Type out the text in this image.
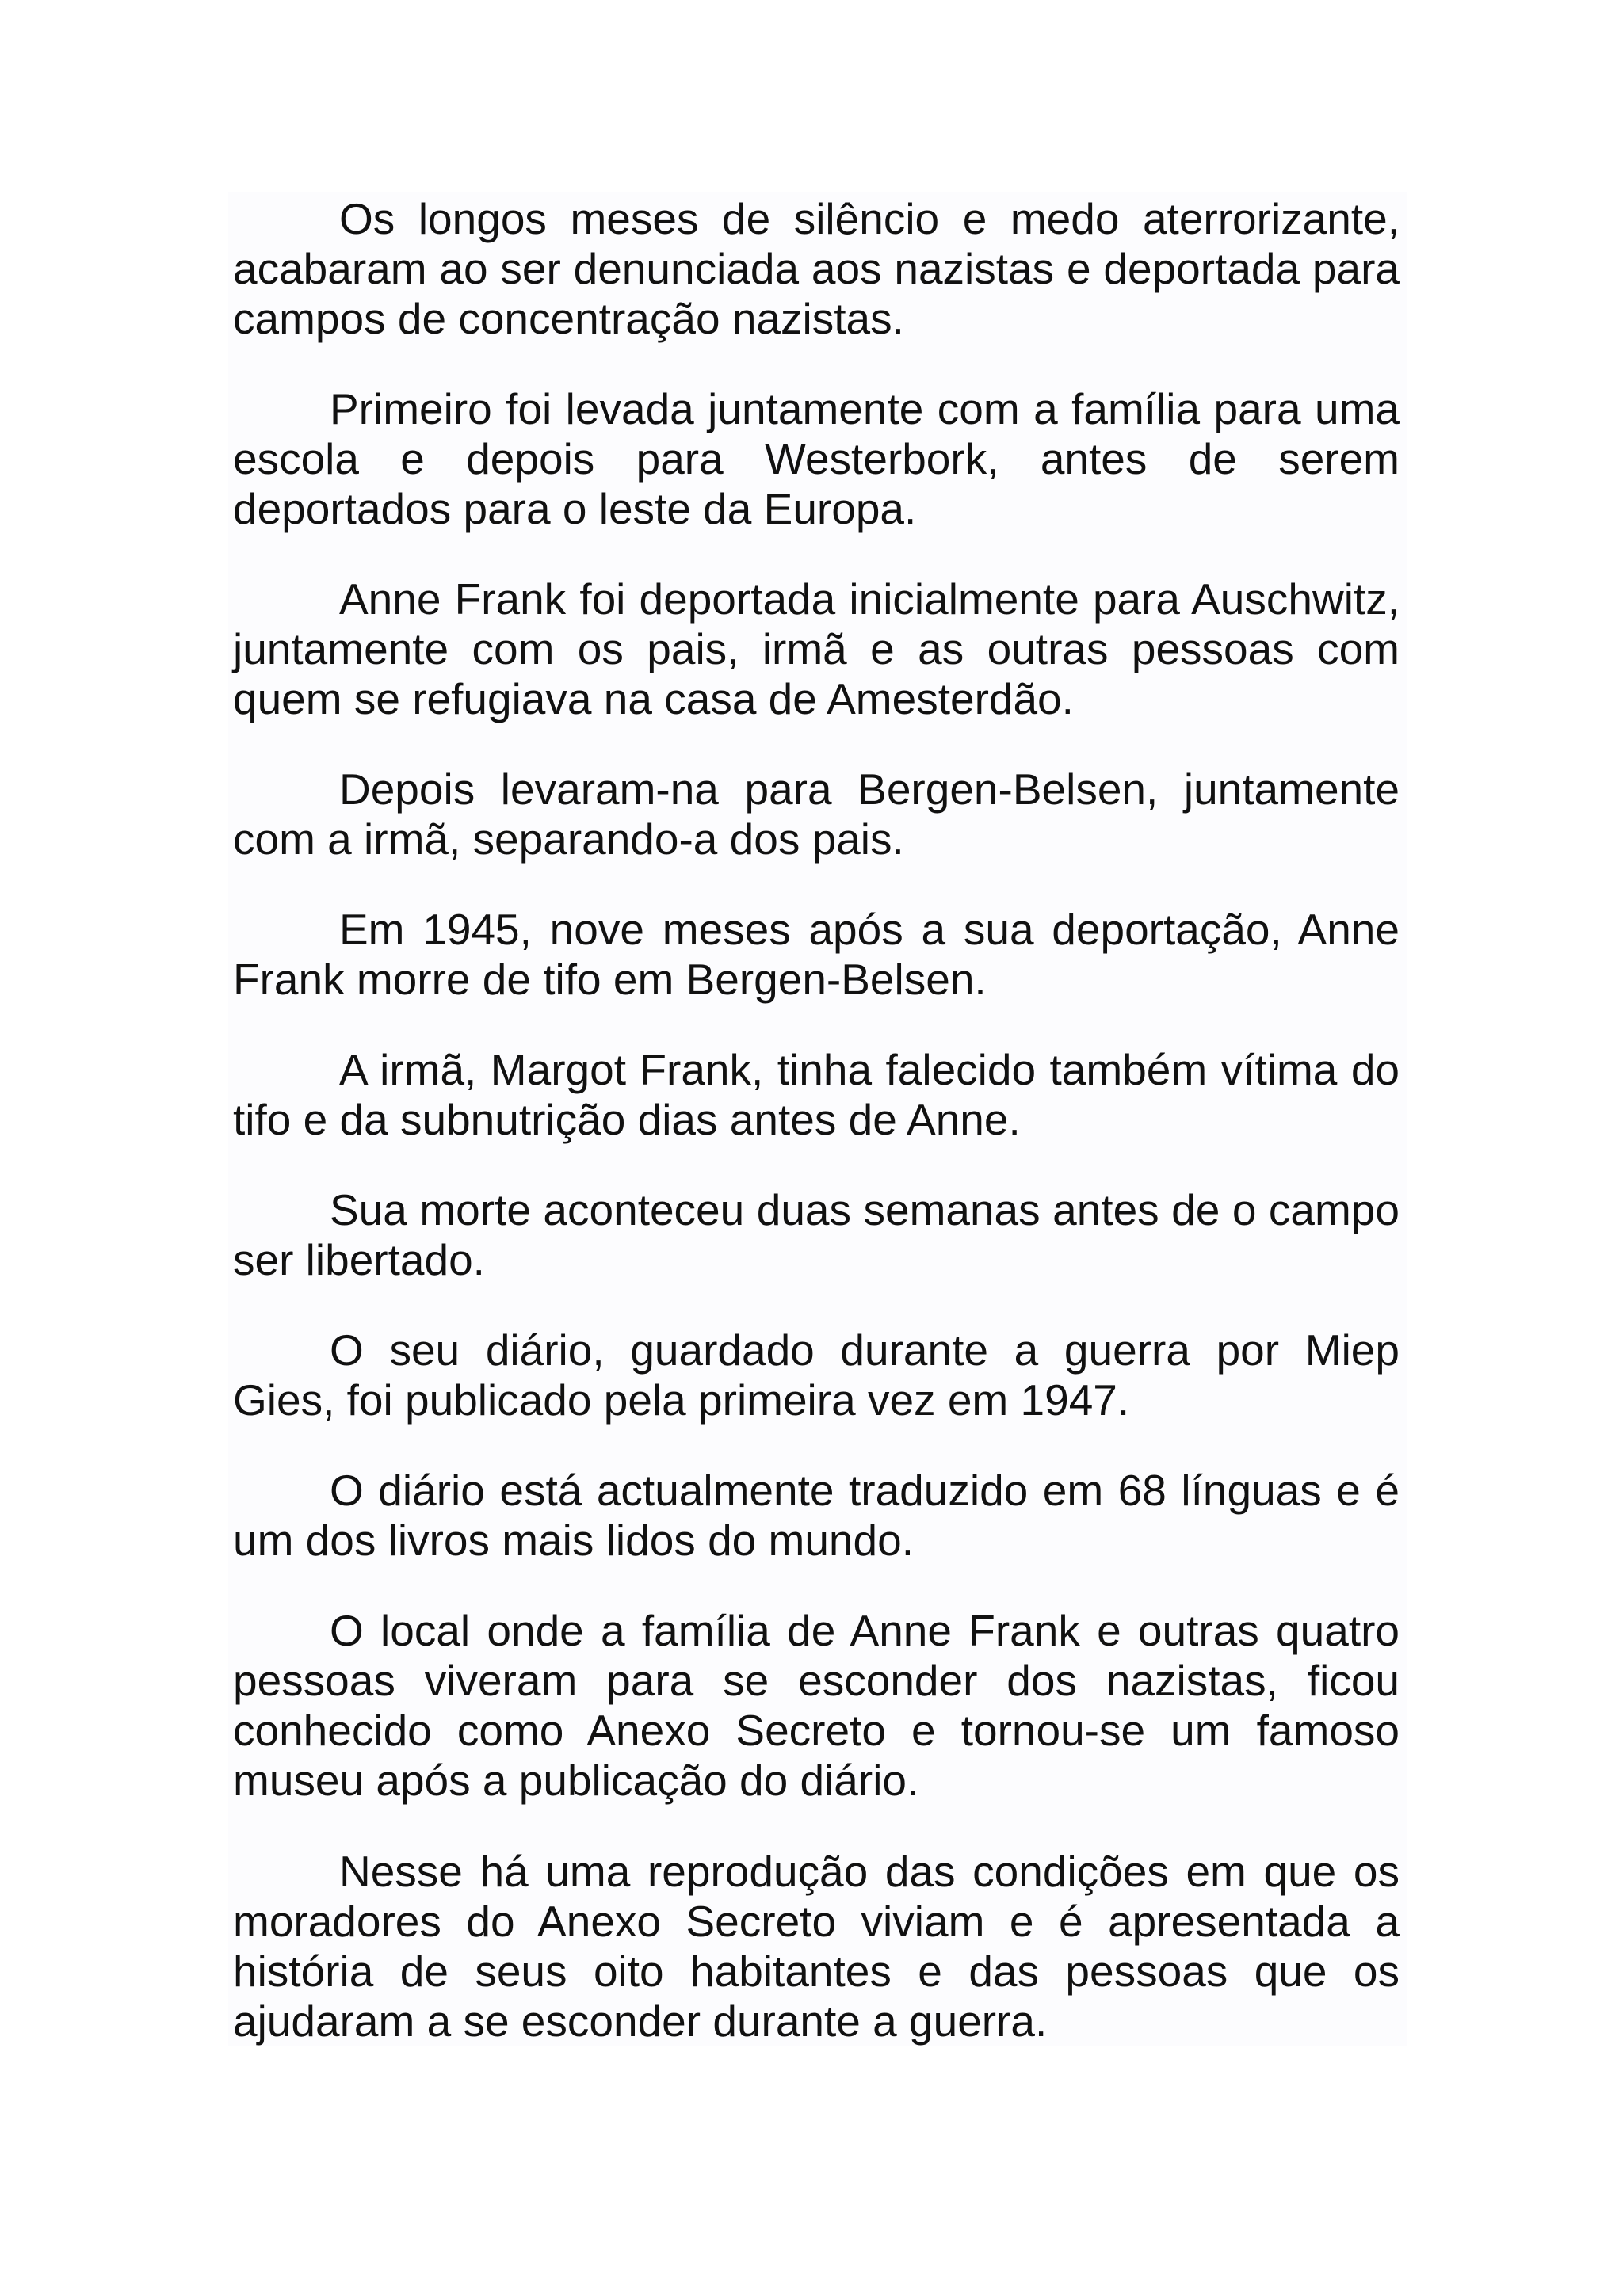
Os longos meses de silêncio e medo aterrorizante, acabaram ao ser denunciada aos nazistas e deportada para campos de concentração nazistas.

Primeiro foi levada juntamente com a família para uma escola e depois para Westerbork, antes de serem deportados para o leste da Europa.

Anne Frank foi deportada inicialmente para Auschwitz, juntamente com os pais, irmã e as outras pessoas com quem se refugiava na casa de Amesterdão.

Depois levaram-na para Bergen-Belsen, juntamente com a irmã, separando-a dos pais.

Em 1945, nove meses após a sua deportação, Anne Frank morre de tifo em Bergen-Belsen.

A irmã, Margot Frank, tinha falecido também vítima do tifo e da subnutrição dias antes de Anne.

Sua morte aconteceu duas semanas antes de o campo ser libertado.

O seu diário, guardado durante a guerra por Miep Gies, foi publicado pela primeira vez em 1947.

O diário está actualmente traduzido em 68 línguas e é um dos livros mais lidos do mundo.

O local onde a família de Anne Frank e outras quatro pessoas viveram para se esconder dos nazistas, ficou conhecido como Anexo Secreto e tornou-se um famoso museu após a publicação do diário.

Nesse há uma reprodução das condições em que os moradores do Anexo Secreto viviam e é apresentada a história de seus oito habitantes e das pessoas que os ajudaram a se esconder durante a guerra.
